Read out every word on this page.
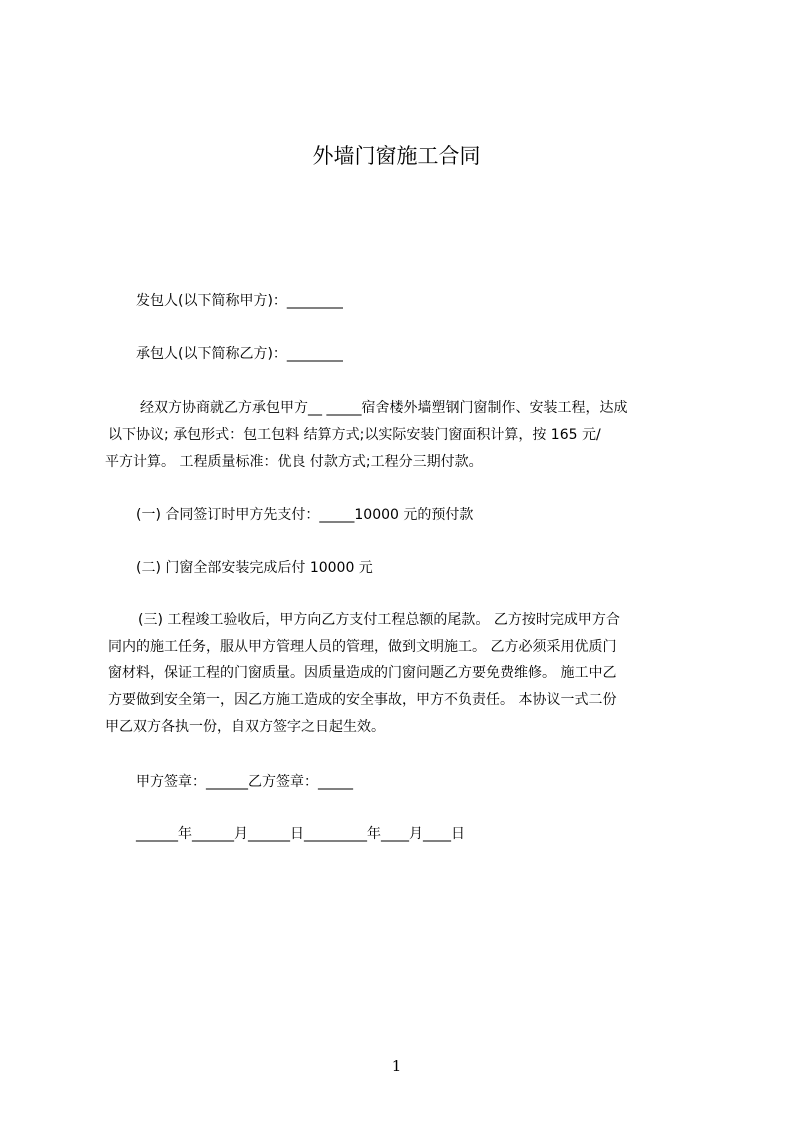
外墙门窗施工合同
发包人(以下简称甲方)：________
承包人(以下简称乙方)：________
经双方协商就乙方承包甲方__ _____宿舍楼外墙塑钢门窗制作、安装工程，达成
以下协议; 承包形式：包工包料 结算方式;以实际安装门窗面积计算，按 165 元/
平方计算。 工程质量标准：优良 付款方式;工程分三期付款。
(一) 合同签订时甲方先支付：_____10000 元的预付款
(二) 门窗全部安装完成后付 10000 元
(三) 工程竣工验收后，甲方向乙方支付工程总额的尾款。 乙方按时完成甲方合
同内的施工任务，服从甲方管理人员的管理，做到文明施工。 乙方必须采用优质门
窗材料，保证工程的门窗质量。因质量造成的门窗问题乙方要免费维修。 施工中乙
方要做到安全第一，因乙方施工造成的安全事故，甲方不负责任。 本协议一式二份
甲乙双方各执一份，自双方签字之日起生效。
甲方签章：______乙方签章：_____
______年______月______日_________年____月____日
1
